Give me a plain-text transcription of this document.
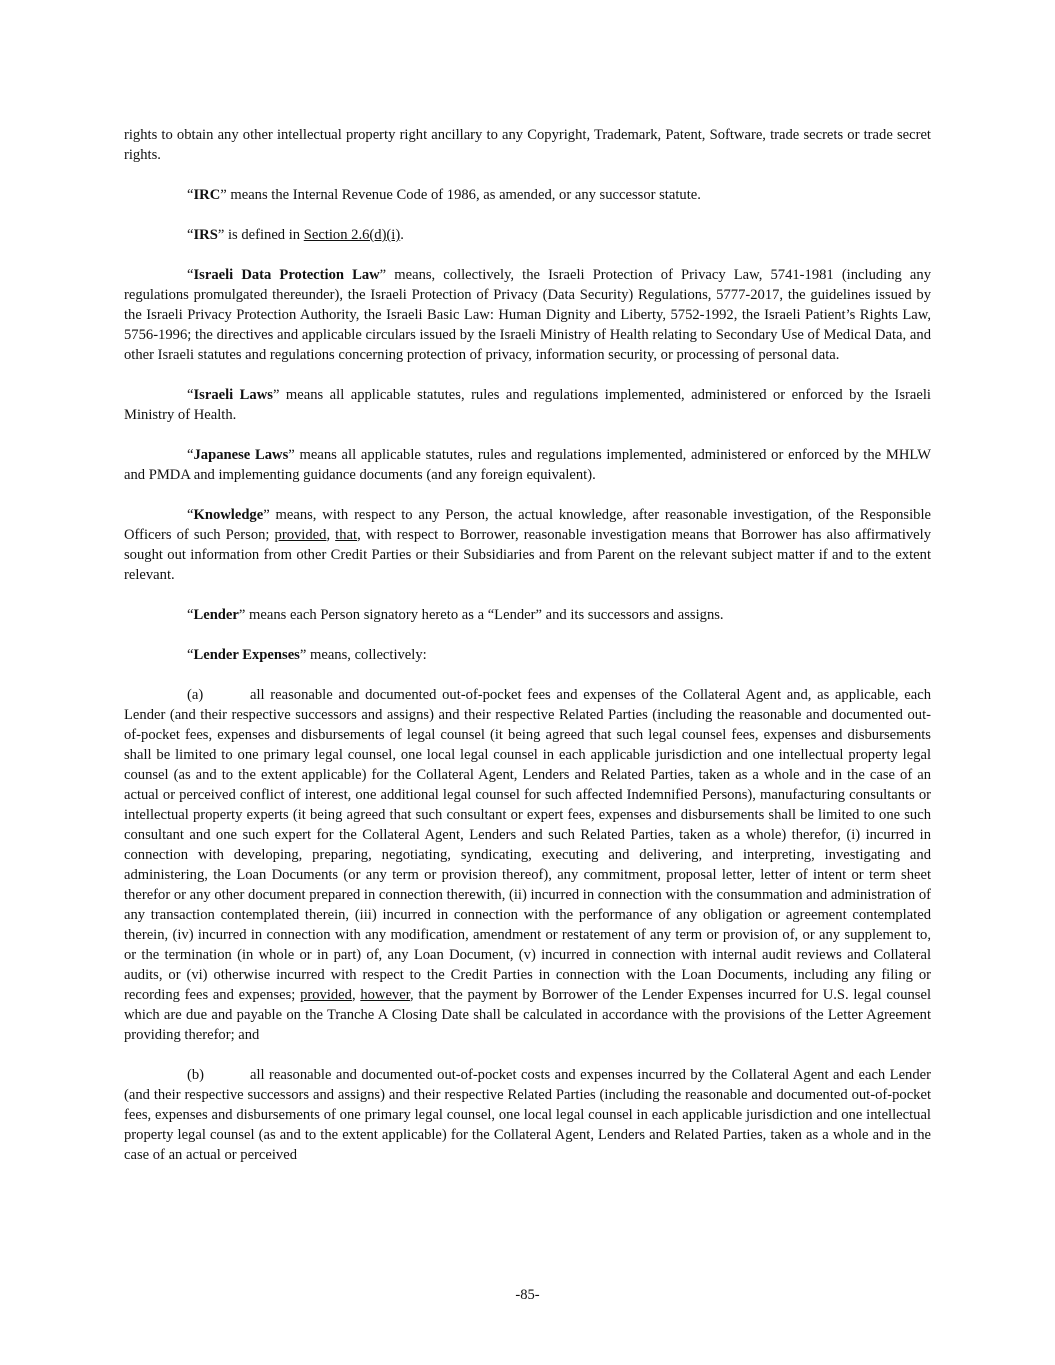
rights to obtain any other intellectual property right ancillary to any Copyright, Trademark, Patent, Software, trade secrets or trade secret rights.

“IRC” means the Internal Revenue Code of 1986, as amended, or any successor statute.

“IRS” is defined in Section 2.6(d)(i).

“Israeli Data Protection Law” means, collectively, the Israeli Protection of Privacy Law, 5741-1981 (including any regulations promulgated thereunder), the Israeli Protection of Privacy (Data Security) Regulations, 5777-2017, the guidelines issued by the Israeli Privacy Protection Authority, the Israeli Basic Law: Human Dignity and Liberty, 5752-1992, the Israeli Patient’s Rights Law, 5756-1996; the directives and applicable circulars issued by the Israeli Ministry of Health relating to Secondary Use of Medical Data, and other Israeli statutes and regulations concerning protection of privacy, information security, or processing of personal data.

“Israeli Laws” means all applicable statutes, rules and regulations implemented, administered or enforced by the Israeli Ministry of Health.

“Japanese Laws” means all applicable statutes, rules and regulations implemented, administered or enforced by the MHLW and PMDA and implementing guidance documents (and any foreign equivalent).

“Knowledge” means, with respect to any Person, the actual knowledge, after reasonable investigation, of the Responsible Officers of such Person; provided, that, with respect to Borrower, reasonable investigation means that Borrower has also affirmatively sought out information from other Credit Parties or their Subsidiaries and from Parent on the relevant subject matter if and to the extent relevant.

“Lender” means each Person signatory hereto as a “Lender” and its successors and assigns.

“Lender Expenses” means, collectively:

(a)	all reasonable and documented out-of-pocket fees and expenses of the Collateral Agent and, as applicable, each Lender (and their respective successors and assigns) and their respective Related Parties (including the reasonable and documented out-of-pocket fees, expenses and disbursements of legal counsel (it being agreed that such legal counsel fees, expenses and disbursements shall be limited to one primary legal counsel, one local legal counsel in each applicable jurisdiction and one intellectual property legal counsel (as and to the extent applicable) for the Collateral Agent, Lenders and Related Parties, taken as a whole and in the case of an actual or perceived conflict of interest, one additional legal counsel for such affected Indemnified Persons), manufacturing consultants or intellectual property experts (it being agreed that such consultant or expert fees, expenses and disbursements shall be limited to one such consultant and one such expert for the Collateral Agent, Lenders and such Related Parties, taken as a whole) therefor, (i) incurred in connection with developing, preparing, negotiating, syndicating, executing and delivering, and interpreting, investigating and administering, the Loan Documents (or any term or provision thereof), any commitment, proposal letter, letter of intent or term sheet therefor or any other document prepared in connection therewith, (ii) incurred in connection with the consummation and administration of any transaction contemplated therein, (iii) incurred in connection with the performance of any obligation or agreement contemplated therein, (iv) incurred in connection with any modification, amendment or restatement of any term or provision of, or any supplement to, or the termination (in whole or in part) of, any Loan Document, (v) incurred in connection with internal audit reviews and Collateral audits, or (vi) otherwise incurred with respect to the Credit Parties in connection with the Loan Documents, including any filing or recording fees and expenses; provided, however, that the payment by Borrower of the Lender Expenses incurred for U.S. legal counsel which are due and payable on the Tranche A Closing Date shall be calculated in accordance with the provisions of the Letter Agreement providing therefor; and

(b)	all reasonable and documented out-of-pocket costs and expenses incurred by the Collateral Agent and each Lender (and their respective successors and assigns) and their respective Related Parties (including the reasonable and documented out-of-pocket fees, expenses and disbursements of one primary legal counsel, one local legal counsel in each applicable jurisdiction and one intellectual property legal counsel (as and to the extent applicable) for the Collateral Agent, Lenders and Related Parties, taken as a whole and in the case of an actual or perceived

-85-
